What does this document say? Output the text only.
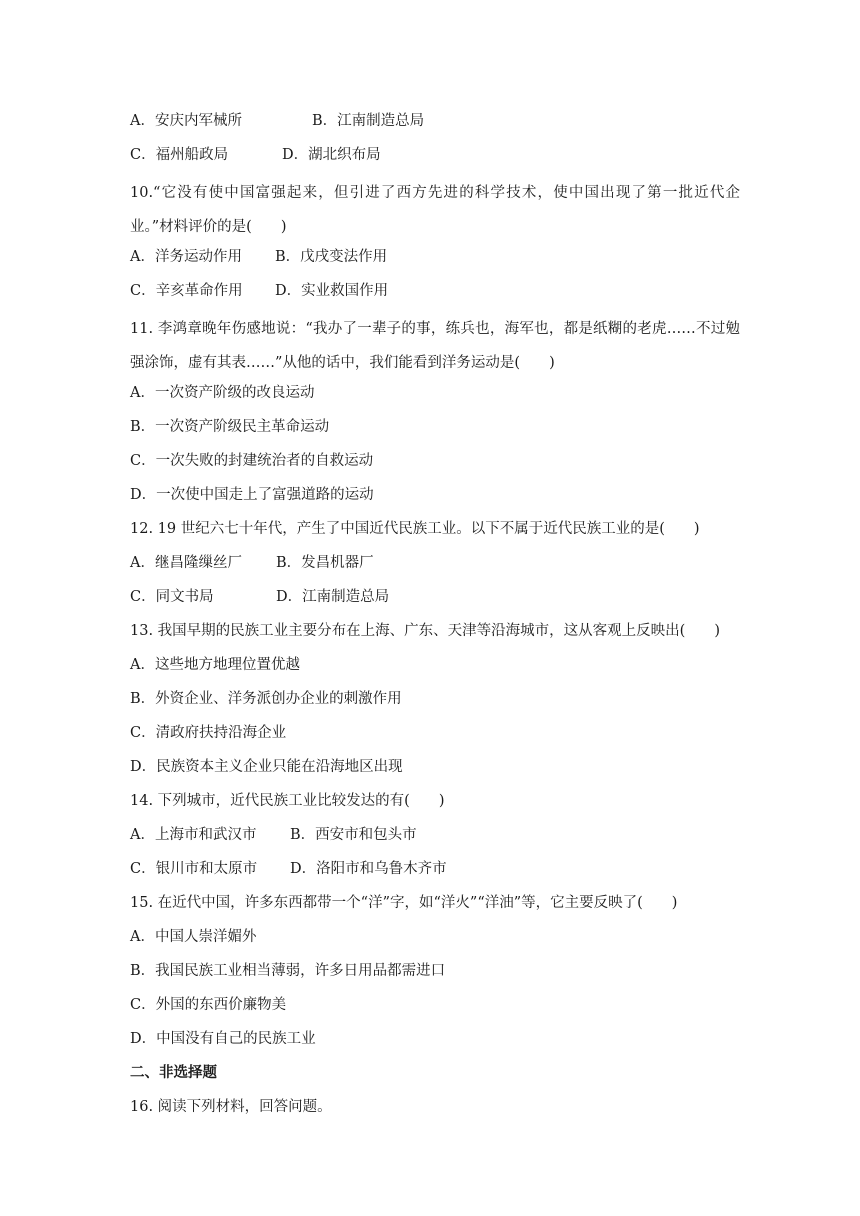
A．安庆内军械所	B．江南制造总局
C．福州船政局	D．湖北织布局
10.“它没有使中国富强起来，但引进了西方先进的科学技术，使中国出现了第一批近代企业。”材料评价的是(　　)
A．洋务运动作用	B．戊戌变法作用
C．辛亥革命作用	D．实业救国作用
11. 李鸿章晚年伤感地说：“我办了一辈子的事，练兵也，海军也，都是纸糊的老虎……不过勉强涂饰，虚有其表……”从他的话中，我们能看到洋务运动是(　　)
A．一次资产阶级的改良运动
B．一次资产阶级民主革命运动
C．一次失败的封建统治者的自救运动
D．一次使中国走上了富强道路的运动
12. 19 世纪六七十年代，产生了中国近代民族工业。以下不属于近代民族工业的是(　　)
A．继昌隆缫丝厂	B．发昌机器厂
C．同文书局	D．江南制造总局
13. 我国早期的民族工业主要分布在上海、广东、天津等沿海城市，这从客观上反映出(　　)
A．这些地方地理位置优越
B．外资企业、洋务派创办企业的刺激作用
C．清政府扶持沿海企业
D．民族资本主义企业只能在沿海地区出现
14. 下列城市，近代民族工业比较发达的有(　　)
A．上海市和武汉市	B．西安市和包头市
C．银川市和太原市	D．洛阳市和乌鲁木齐市
15. 在近代中国，许多东西都带一个“洋”字，如“洋火”“洋油”等，它主要反映了(　　)
A．中国人崇洋媚外
B．我国民族工业相当薄弱，许多日用品都需进口
C．外国的东西价廉物美
D．中国没有自己的民族工业
二、非选择题
16. 阅读下列材料，回答问题。
